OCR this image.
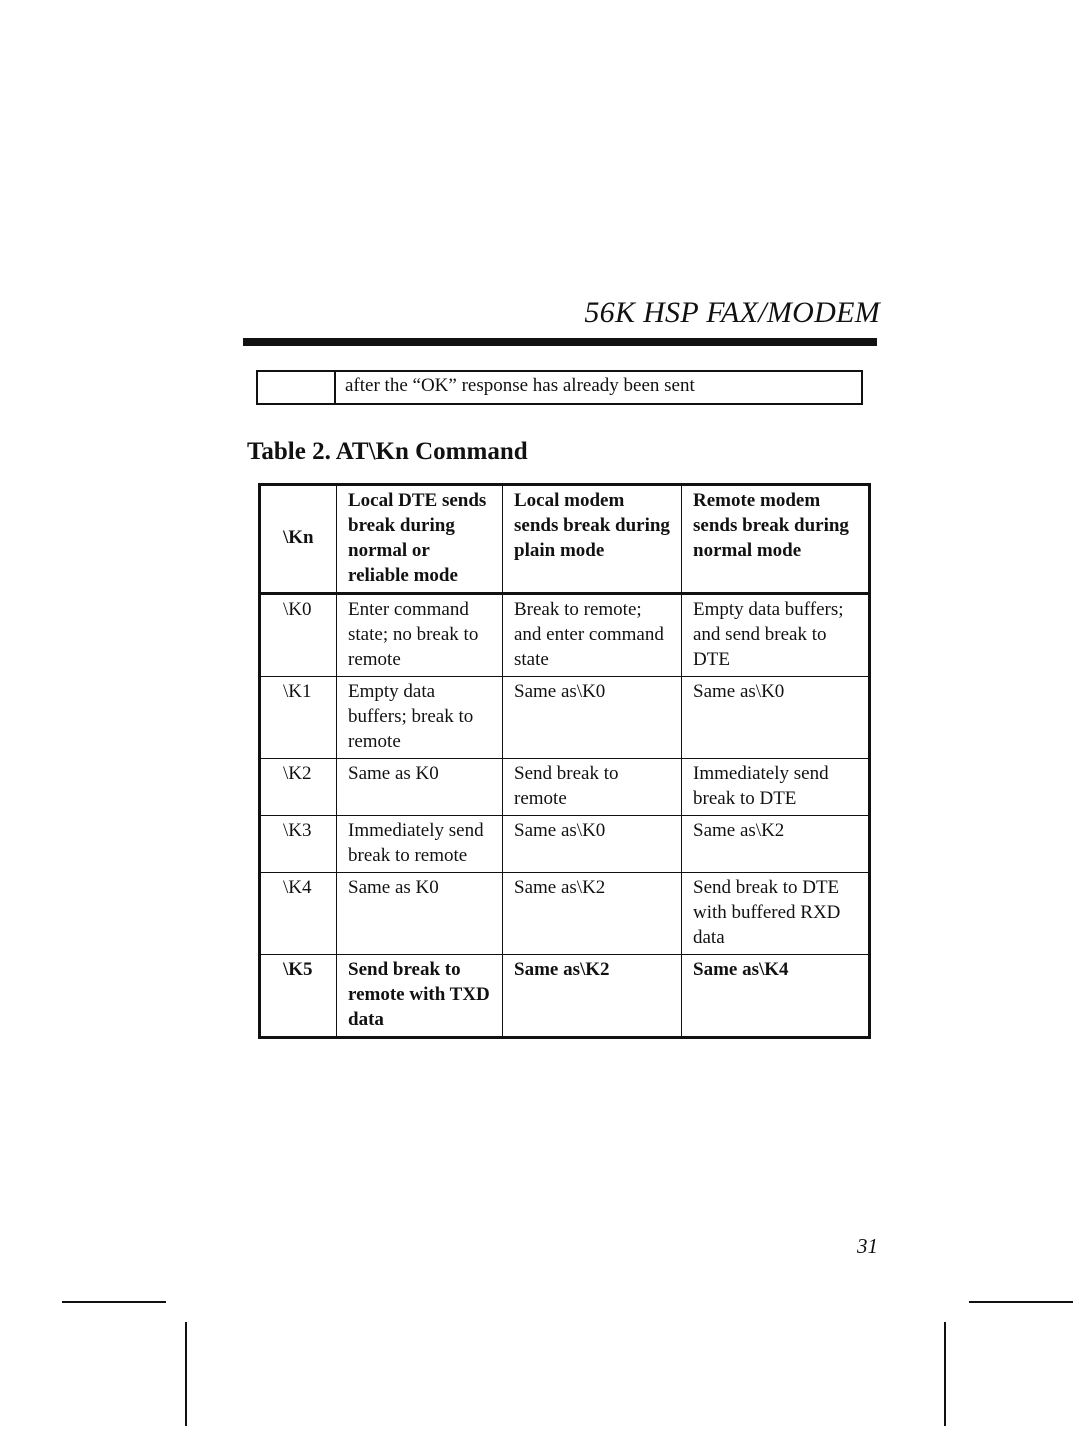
56K HSP FAX/MODEM
after the “OK” response has already been sent
Table 2. AT\Kn Command
\Kn	Local DTE sends break during normal or reliable mode	Local modem sends break during plain mode	Remote modem sends break during normal mode
\K0	Enter command state; no break to remote	Break to remote; and enter command state	Empty data buffers; and send break to DTE
\K1	Empty data buffers; break to remote	Same as\K0	Same as\K0
\K2	Same as K0	Send break to remote	Immediately send break to DTE
\K3	Immediately send break to remote	Same as\K0	Same as\K2
\K4	Same as K0	Same as\K2	Send break to DTE with buffered RXD data
\K5	Send break to remote with TXD data	Same as\K2	Same as\K4
31
